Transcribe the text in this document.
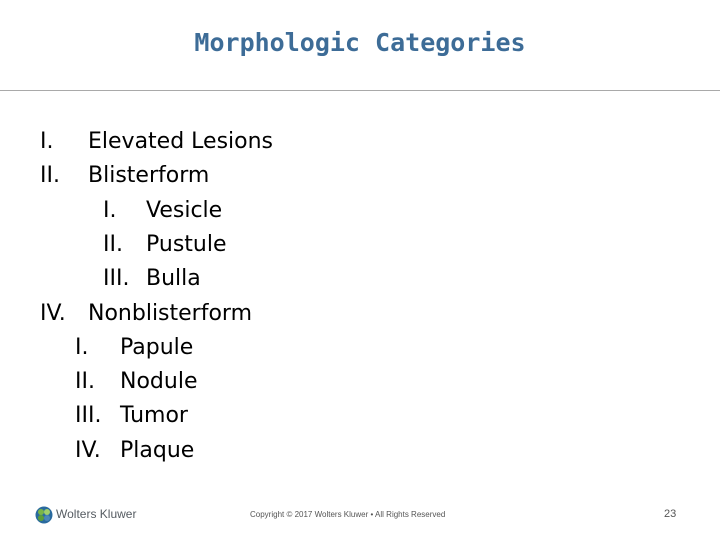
Morphologic Categories
I. Elevated Lesions
II. Blisterform
I. Vesicle
II. Pustule
III. Bulla
IV. Nonblisterform
I. Papule
II. Nodule
III. Tumor
IV. Plaque
Wolters Kluwer	Copyright © 2017 Wolters Kluwer • All Rights Reserved	23
